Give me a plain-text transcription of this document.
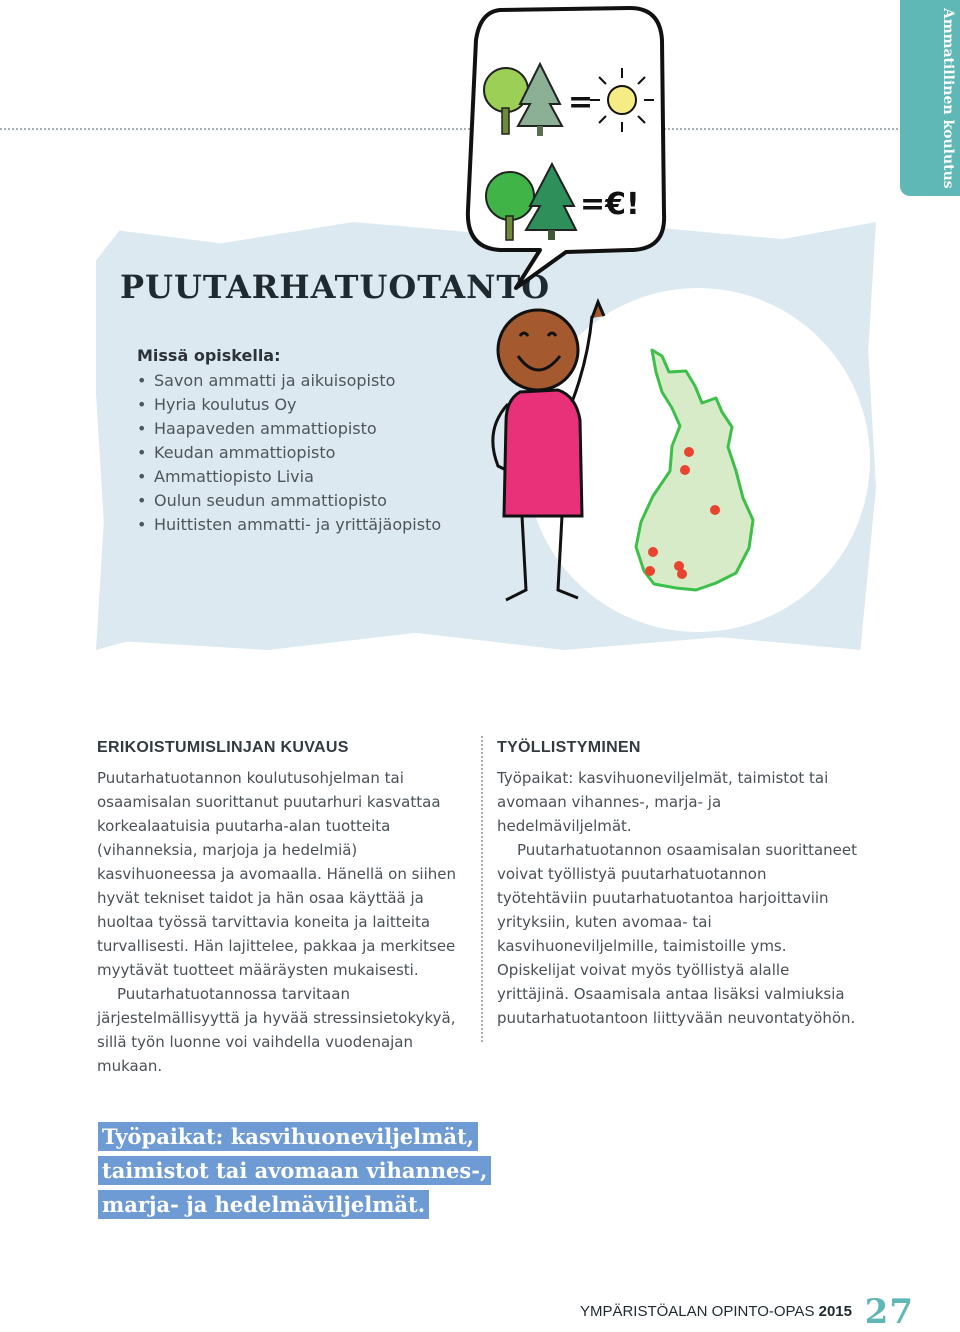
Ammatillinen koulutus
PUUTARHATUOTANTO
Missä opiskella:
• Savon ammatti ja aikuisopisto
• Hyria koulutus Oy
• Haapaveden ammattiopisto
• Keudan ammattiopisto
• Ammattiopisto Livia
• Oulun seudun ammattiopisto
• Huittisten ammatti- ja yrittäjäopisto
=
=€!
ERIKOISTUMISLINJAN KUVAUS

Puutarhatuotannon koulutusohjelman tai osaamisalan suorittanut puutarhuri kasvattaa korkealaatuisia puutarha-alan tuotteita (vihanneksia, marjoja ja hedelmiä) kasvihuoneessa ja avomaalla. Hänellä on siihen hyvät tekniset taidot ja hän osaa käyttää ja huoltaa työssä tarvittavia koneita ja laitteita turvallisesti. Hän lajittelee, pakkaa ja merkitsee myytävät tuotteet määräysten mukaisesti.

Puutarhatuotannossa tarvitaan järjestelmällisyyttä ja hyvää stressinsietokykyä, sillä työn luonne voi vaihdella vuodenajan mukaan.

TYÖLLISTYMINEN

Työpaikat: kasvihuoneviljelmät, taimistot tai avomaan vihannes-, marja- ja hedelmäviljelmät.

Puutarhatuotannon osaamisalan suorittaneet voivat työllistyä puutarhatuotannon työtehtäviin puutarhatuotantoa harjoittaviin yrityksiin, kuten avomaa- tai kasvihuoneviljelmille, taimistoille yms. Opiskelijat voivat myös työllistyä alalle yrittäjinä. Osaamisala antaa lisäksi valmiuksia puutarhatuotantoon liittyvään neuvontatyöhön.

Työpaikat: kasvihuoneviljelmät, taimistot tai avomaan vihannes-, marja- ja hedelmäviljelmät.
YMPÄRISTÖALAN OPINTO-OPAS 2015 27
